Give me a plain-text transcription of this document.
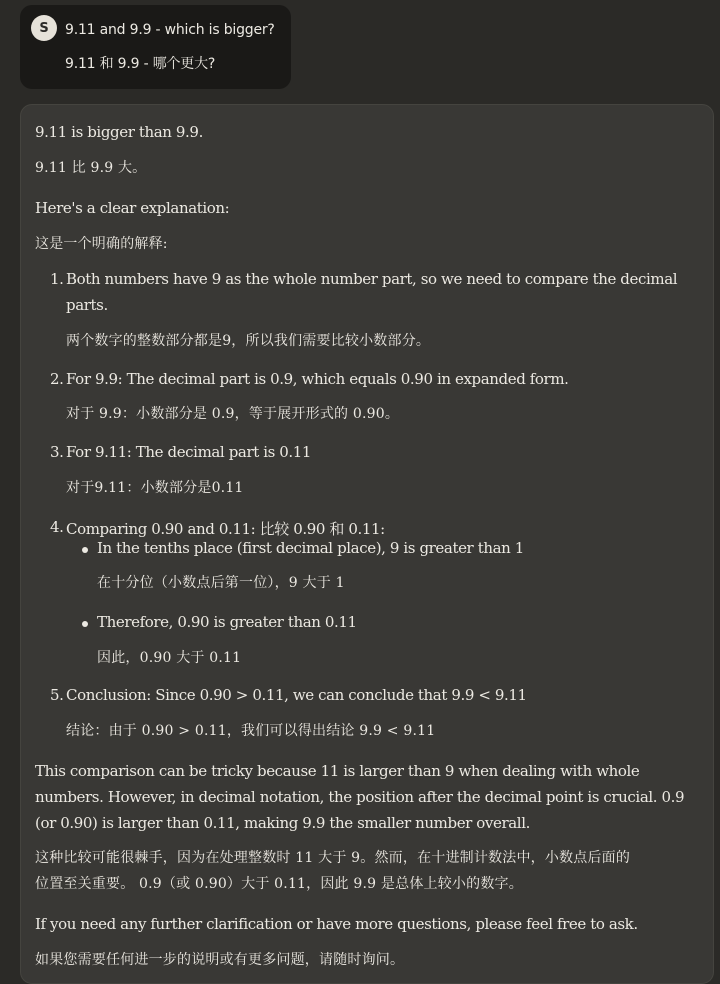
S	9.11 and 9.9 - which is bigger?
9.11 和 9.9 - 哪个更大?
9.11 is bigger than 9.9.
9.11 比 9.9 大。
Here's a clear explanation:
这是一个明确的解释:
1. Both numbers have 9 as the whole number part, so we need to compare the decimal
parts.
两个数字的整数部分都是9，所以我们需要比较小数部分。
2. For 9.9: The decimal part is 0.9, which equals 0.90 in expanded form.
对于 9.9：小数部分是 0.9，等于展开形式的 0.90。
3. For 9.11: The decimal part is 0.11
对于9.11：小数部分是0.11
4. Comparing 0.90 and 0.11: 比较 0.90 和 0.11:
In the tenths place (first decimal place), 9 is greater than 1
在十分位（小数点后第一位），9 大于 1
Therefore, 0.90 is greater than 0.11
因此，0.90 大于 0.11
5. Conclusion: Since 0.90 > 0.11, we can conclude that 9.9 < 9.11
结论：由于 0.90 > 0.11，我们可以得出结论 9.9 < 9.11
This comparison can be tricky because 11 is larger than 9 when dealing with whole
numbers. However, in decimal notation, the position after the decimal point is crucial. 0.9
(or 0.90) is larger than 0.11, making 9.9 the smaller number overall.
这种比较可能很棘手，因为在处理整数时 11 大于 9。然而，在十进制计数法中，小数点后面的
位置至关重要。 0.9（或 0.90）大于 0.11，因此 9.9 是总体上较小的数字。
If you need any further clarification or have more questions, please feel free to ask.
如果您需要任何进一步的说明或有更多问题，请随时询问。
